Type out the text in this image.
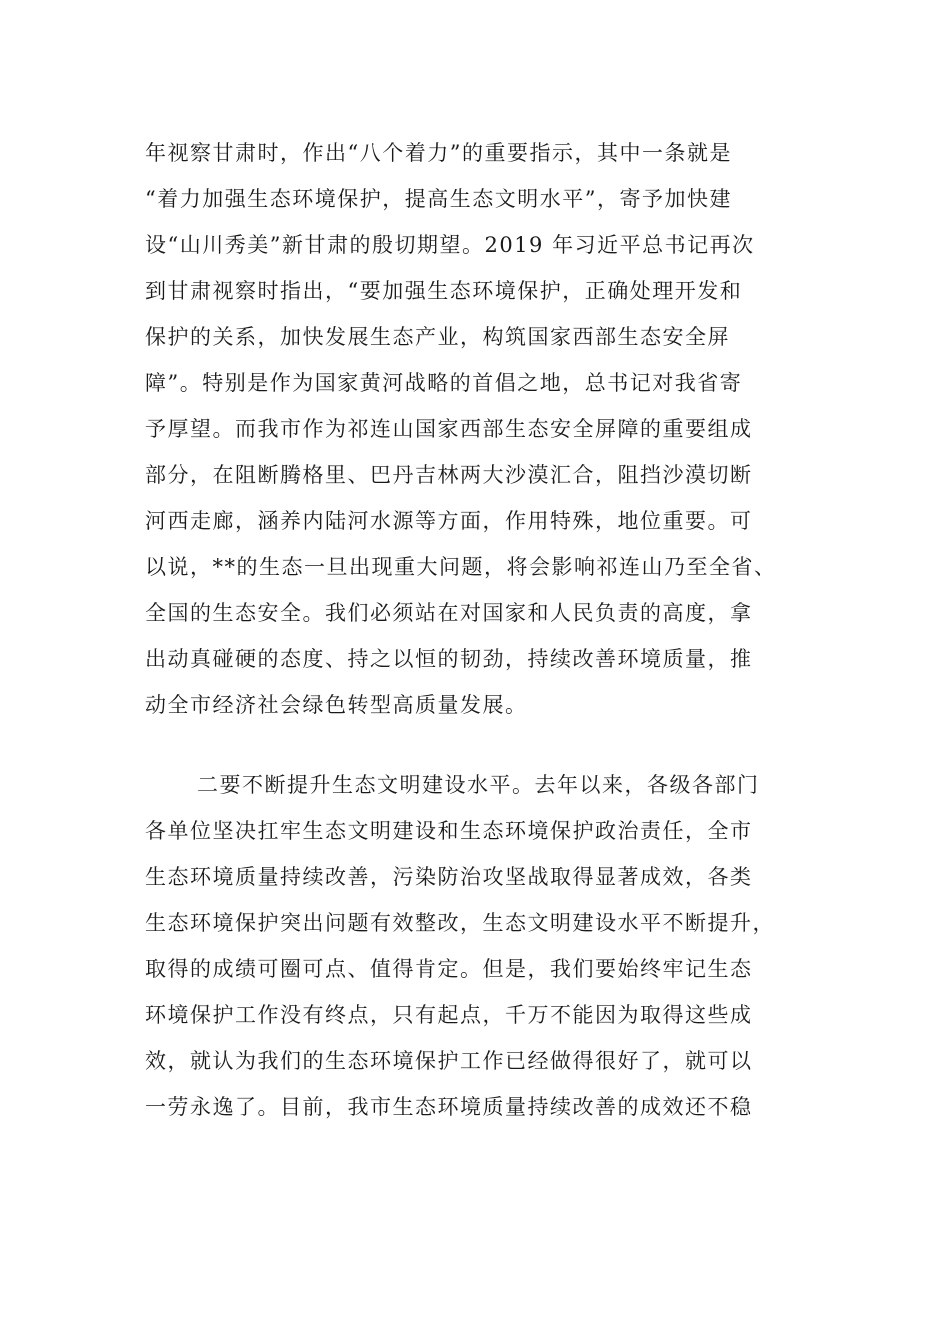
年视察甘肃时，作出“八个着力”的重要指示，其中一条就是
“着力加强生态环境保护，提高生态文明水平”，寄予加快建
设“山川秀美”新甘肃的殷切期望。2019 年习近平总书记再次
到甘肃视察时指出，“要加强生态环境保护，正确处理开发和
保护的关系，加快发展生态产业，构筑国家西部生态安全屏
障”。特别是作为国家黄河战略的首倡之地，总书记对我省寄
予厚望。而我市作为祁连山国家西部生态安全屏障的重要组成
部分，在阻断腾格里、巴丹吉林两大沙漠汇合，阻挡沙漠切断
河西走廊，涵养内陆河水源等方面，作用特殊，地位重要。可
以说，**的生态一旦出现重大问题，将会影响祁连山乃至全省、
全国的生态安全。我们必须站在对国家和人民负责的高度，拿
出动真碰硬的态度、持之以恒的韧劲，持续改善环境质量，推
动全市经济社会绿色转型高质量发展。
二要不断提升生态文明建设水平。去年以来，各级各部门
各单位坚决扛牢生态文明建设和生态环境保护政治责任，全市
生态环境质量持续改善，污染防治攻坚战取得显著成效，各类
生态环境保护突出问题有效整改，生态文明建设水平不断提升，
取得的成绩可圈可点、值得肯定。但是，我们要始终牢记生态
环境保护工作没有终点，只有起点，千万不能因为取得这些成
效，就认为我们的生态环境保护工作已经做得很好了，就可以
一劳永逸了。目前，我市生态环境质量持续改善的成效还不稳
